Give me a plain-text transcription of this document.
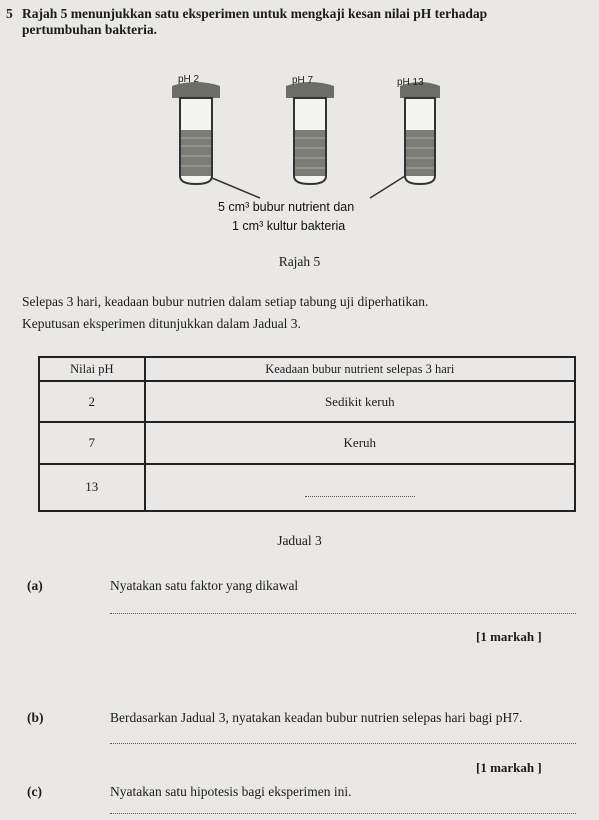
5 Rajah 5 menunjukkan satu eksperimen untuk mengkaji kesan nilai pH terhadap pertumbuhan bakteria.
pH 2	pH 7	pH 13
5 cm³ bubur nutrient dan
1 cm³ kultur bakteria
Rajah 5
Selepas 3 hari, keadaan bubur nutrien dalam setiap tabung uji diperhatikan.
Keputusan eksperimen ditunjukkan dalam Jadual 3.
Nilai pH	Keadaan bubur nutrient selepas 3 hari
2	Sedikit keruh
7	Keruh
13	
Jadual 3
(a)	Nyatakan satu faktor yang dikawal
[1 markah ]
(b)	Berdasarkan Jadual 3, nyatakan keadan bubur nutrien selepas hari bagi pH7.
[1 markah ]
(c)	Nyatakan satu hipotesis bagi eksperimen ini.
